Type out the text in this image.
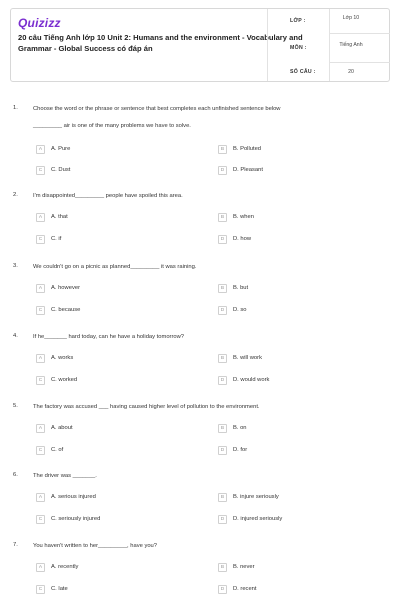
Quizizz
20 câu Tiếng Anh lớp 10 Unit 2: Humans and the environment - Vocabulary and Grammar - Global Success có đáp án
LỚP :	Lớp 10
MÔN :	Tiếng Anh
SỐ CÂU :	20
1.	Choose the word or the phrase or sentence that best completes each unfinished sentence below
_________ air is one of the many problems we have to solve.
A	A. Pure	B	B. Polluted
C	C. Dust	D	D. Pleasant
2.	I'm disappointed_________ people have spoiled this area.
A	A. that	B	B. when
C	C. if	D	D. how
3.	We couldn't go on a picnic as planned_________ it was raining.
A	A. however	B	B. but
C	C. because	D	D. so
4.	If he_______ hard today, can he have a holiday tomorrow?
A	A. works	B	B. will work
C	C. worked	D	D. would work
5.	The factory was accused ___ having caused higher level of pollution to the environment.
A	A. about	B	B. on
C	C. of	D	D. for
6.	The driver was _______.
A	A. serious injured	B	B. injure seriously
C	C. seriously injured	D	D. injured seriously
7.	You haven't written to her_________, have you?
A	A. recently	B	B. never
C	C. late	D	D. recent
